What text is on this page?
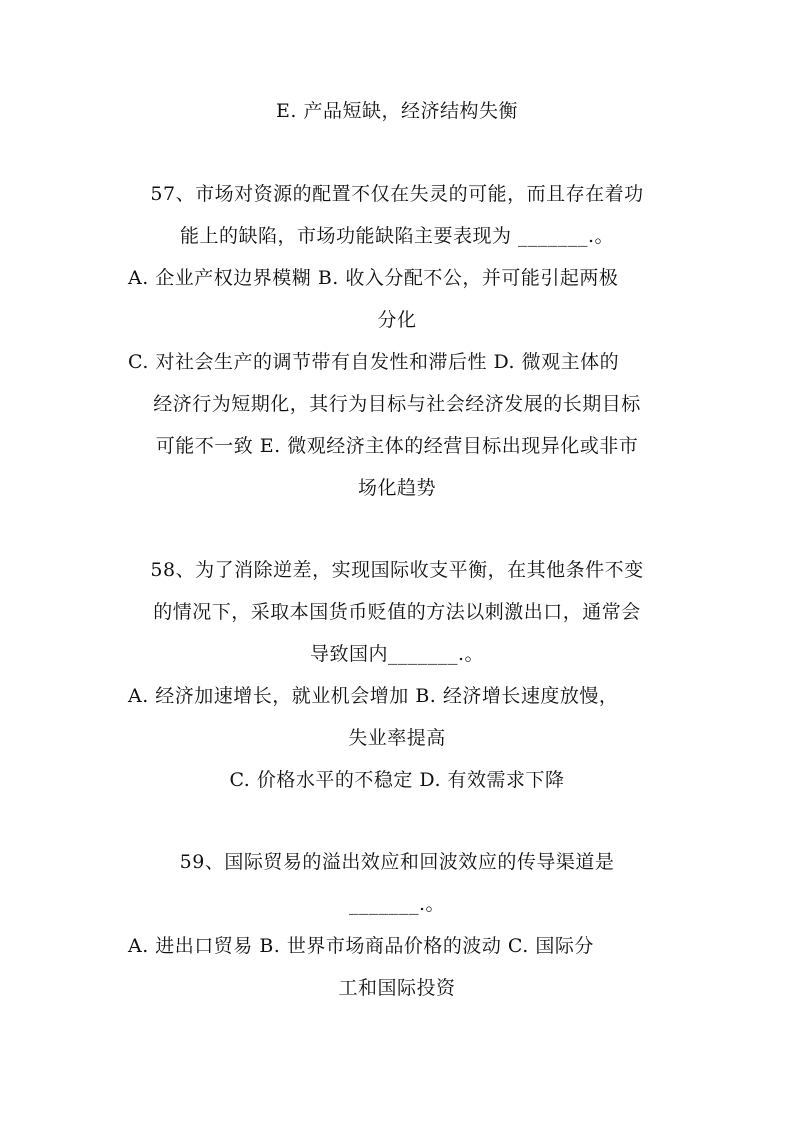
E. 产品短缺，经济结构失衡
57、市场对资源的配置不仅在失灵的可能，而且存在着功
能上的缺陷，市场功能缺陷主要表现为 _______.。
A. 企业产权边界模糊 B. 收入分配不公，并可能引起两极
分化
C. 对社会生产的调节带有自发性和滞后性 D. 微观主体的
经济行为短期化，其行为目标与社会经济发展的长期目标
可能不一致 E. 微观经济主体的经营目标出现异化或非市
场化趋势
58、为了消除逆差，实现国际收支平衡，在其他条件不变
的情况下，采取本国货币贬值的方法以刺激出口，通常会
导致国内_______.。
A. 经济加速增长，就业机会增加 B. 经济增长速度放慢，
失业率提高
C. 价格水平的不稳定 D. 有效需求下降
59、国际贸易的溢出效应和回波效应的传导渠道是
_______.。
A. 进出口贸易 B. 世界市场商品价格的波动 C. 国际分
工和国际投资
